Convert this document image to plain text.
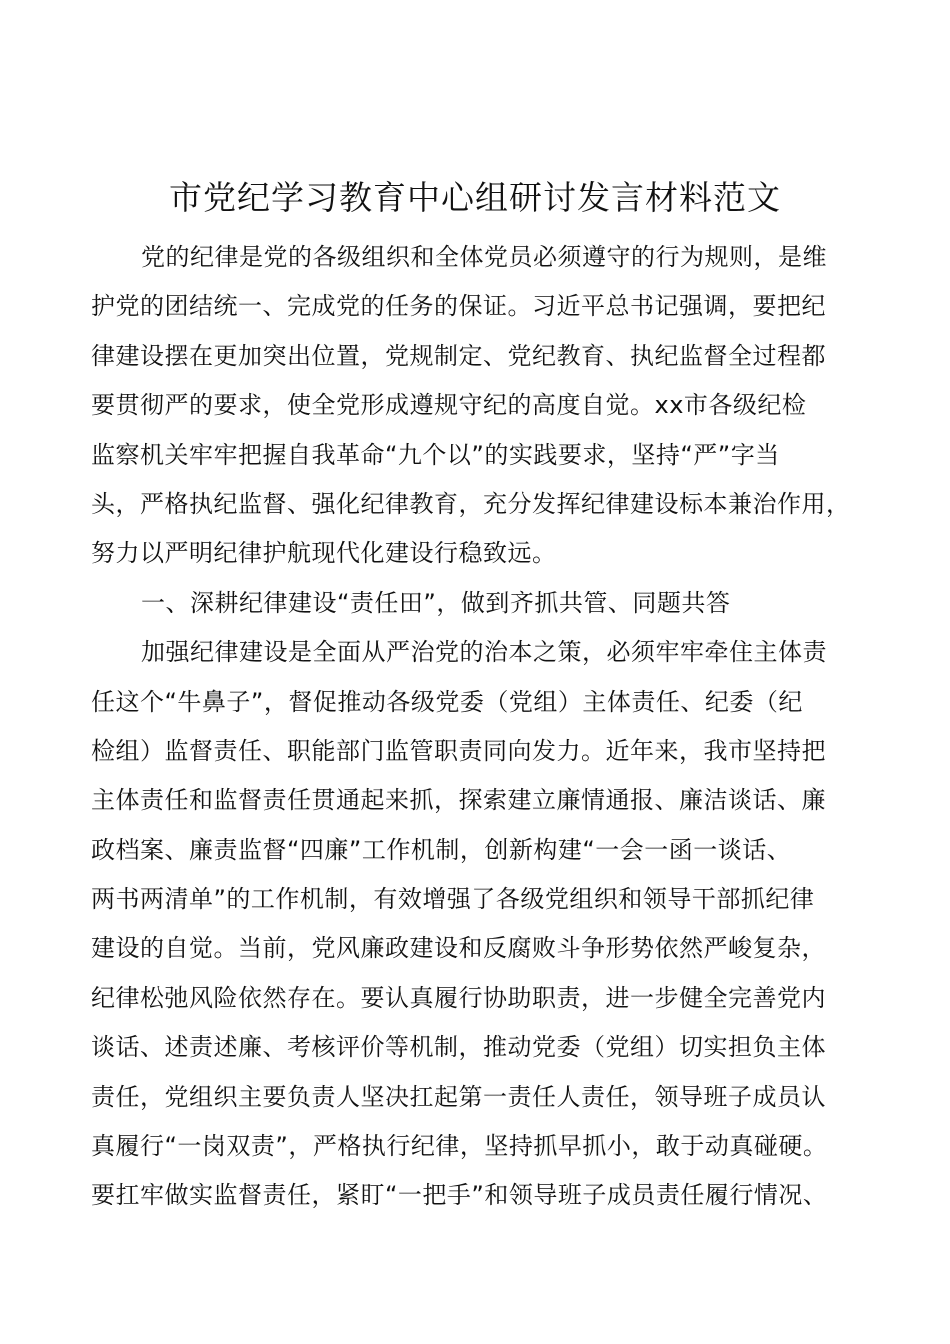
市党纪学习教育中心组研讨发言材料范文
党的纪律是党的各级组织和全体党员必须遵守的行为规则，是维
护党的团结统一、完成党的任务的保证。习近平总书记强调，要把纪
律建设摆在更加突出位置，党规制定、党纪教育、执纪监督全过程都
要贯彻严的要求，使全党形成遵规守纪的高度自觉。xx市各级纪检
监察机关牢牢把握自我革命“九个以”的实践要求，坚持“严”字当
头，严格执纪监督、强化纪律教育，充分发挥纪律建设标本兼治作用，
努力以严明纪律护航现代化建设行稳致远。
一、深耕纪律建设“责任田”，做到齐抓共管、同题共答
加强纪律建设是全面从严治党的治本之策，必须牢牢牵住主体责
任这个“牛鼻子”，督促推动各级党委（党组）主体责任、纪委（纪
检组）监督责任、职能部门监管职责同向发力。近年来，我市坚持把
主体责任和监督责任贯通起来抓，探索建立廉情通报、廉洁谈话、廉
政档案、廉责监督“四廉”工作机制，创新构建“一会一函一谈话、
两书两清单”的工作机制，有效增强了各级党组织和领导干部抓纪律
建设的自觉。当前，党风廉政建设和反腐败斗争形势依然严峻复杂，
纪律松弛风险依然存在。要认真履行协助职责，进一步健全完善党内
谈话、述责述廉、考核评价等机制，推动党委（党组）切实担负主体
责任，党组织主要负责人坚决扛起第一责任人责任，领导班子成员认
真履行“一岗双责”，严格执行纪律，坚持抓早抓小，敢于动真碰硬。
要扛牢做实监督责任，紧盯“一把手”和领导班子成员责任履行情况、
